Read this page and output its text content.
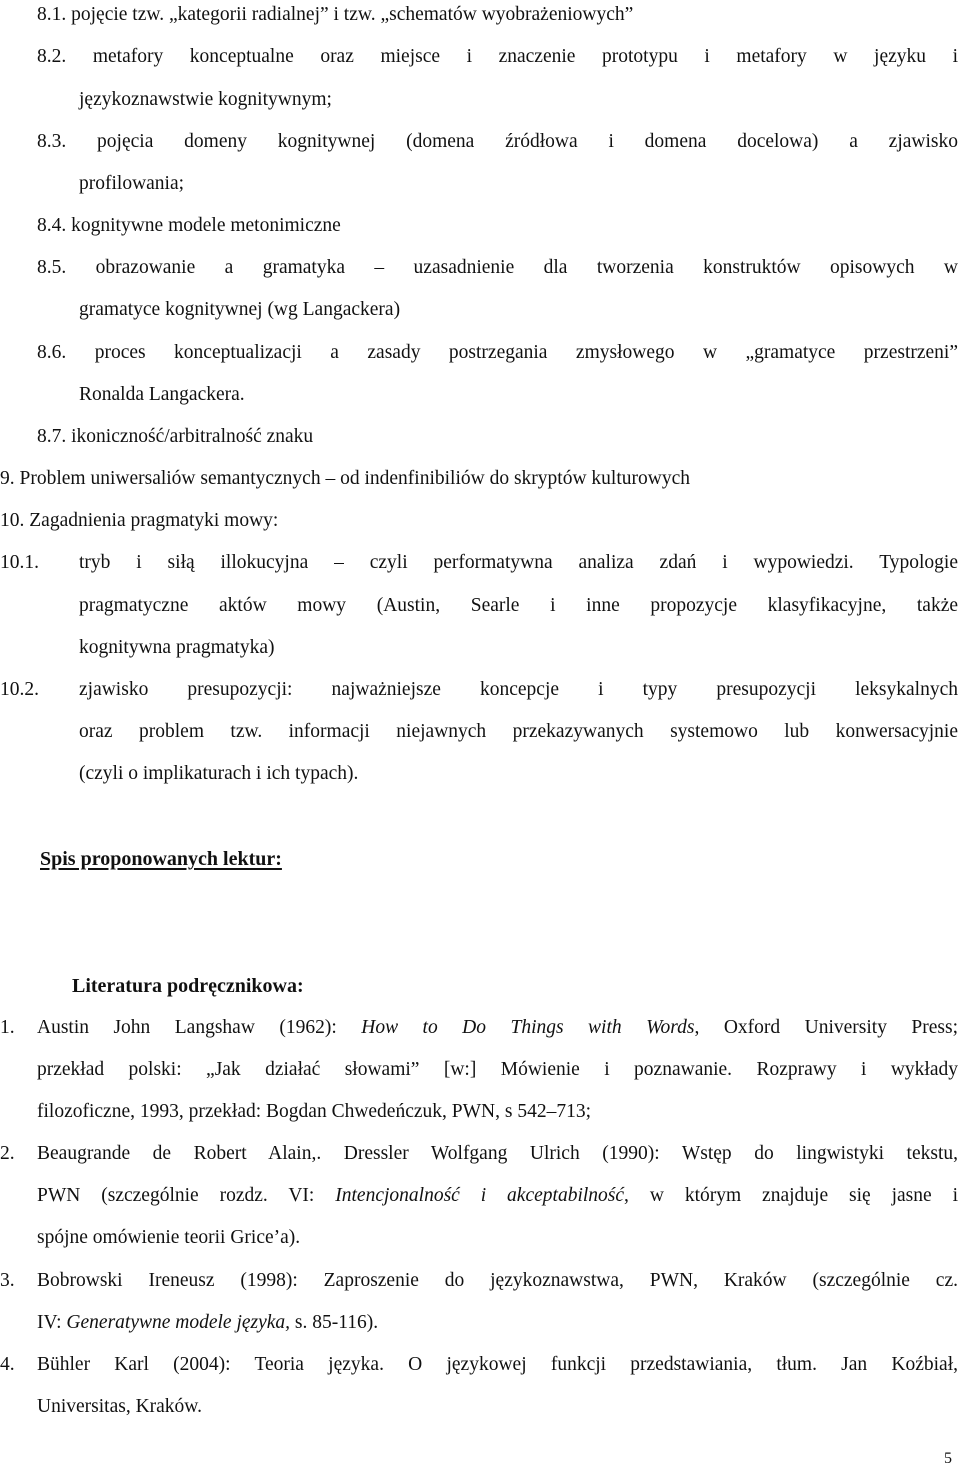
8.1. pojęcie tzw. „kategorii radialnej” i tzw. „schematów wyobrażeniowych”
8.2. metafory konceptualne oraz miejsce i znaczenie prototypu i metafory w języku i
językoznawstwie kognitywnym;
8.3. pojęcia domeny kognitywnej (domena źródłowa i domena docelowa) a zjawisko
profilowania;
8.4. kognitywne modele metonimiczne
8.5. obrazowanie a gramatyka – uzasadnienie dla tworzenia konstruktów opisowych w
gramatyce kognitywnej (wg Langackera)
8.6. proces konceptualizacji a zasady postrzegania zmysłowego w „gramatyce przestrzeni”
Ronalda Langackera.
8.7. ikoniczność/arbitralność znaku
9. Problem uniwersaliów semantycznych – od indenfinibiliów do skryptów kulturowych
10. Zagadnienia pragmatyki mowy:
10.1. tryb i siłą illokucyjna – czyli performatywna analiza zdań i wypowiedzi. Typologie
pragmatyczne aktów mowy (Austin, Searle i inne propozycje klasyfikacyjne, także
kognitywna pragmatyka)
10.2. zjawisko presupozycji: najważniejsze koncepcje i typy presupozycji leksykalnych
oraz problem tzw. informacji niejawnych przekazywanych systemowo lub konwersacyjnie
(czyli o implikaturach i ich typach).
Spis proponowanych lektur:
Literatura podręcznikowa:
1. Austin John Langshaw (1962): How to Do Things with Words, Oxford University Press;
przekład polski: „Jak działać słowami” [w:] Mówienie i poznawanie. Rozprawy i wykłady
filozoficzne, 1993, przekład: Bogdan Chwedeńczuk, PWN, s 542–713;
2. Beaugrande de Robert Alain,. Dressler Wolfgang Ulrich (1990): Wstęp do lingwistyki tekstu,
PWN (szczególnie rozdz. VI: Intencjonalność i akceptabilność, w którym znajduje się jasne i
spójne omówienie teorii Grice’a).
3. Bobrowski Ireneusz (1998): Zaproszenie do językoznawstwa, PWN, Kraków (szczególnie cz.
IV: Generatywne modele języka, s. 85-116).
4. Bühler Karl (2004): Teoria języka. O językowej funkcji przedstawiania, tłum. Jan Koźbiał,
Universitas, Kraków.
5
